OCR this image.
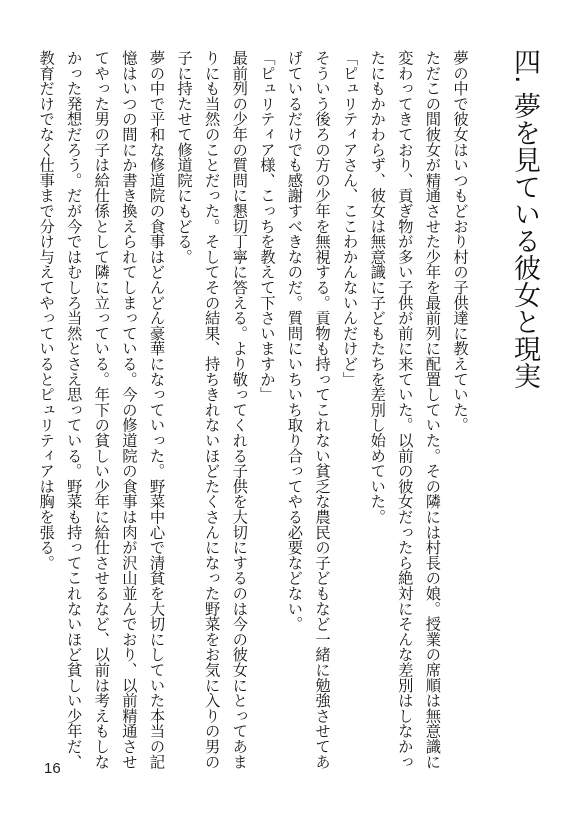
四. 夢を見ている彼女と現実

夢の中で彼女はいつもどおり村の子供達に教えていた。

ただこの間彼女が精通させた少年を最前列に配置していた。その隣には村長の娘。授業の席順は無意識に変わってきており、貢ぎ物が多い子供が前に来ていた。以前の彼女だったら絶対にそんな差別はしなかったにもかかわらず、彼女は無意識に子どもたちを差別し始めていた。

「ピュリティアさん、ここわかんないんだけど」

そういう後ろの方の少年を無視する。貢物も持ってこれない貧乏な農民の子どもなど一緒に勉強させてあげているだけでも感謝すべきなのだ。質問にいちいち取り合ってやる必要などない。

「ピュリティア様、こっちを教えて下さいますか」

最前列の少年の質問に懇切丁寧に答える。より敬ってくれる子供を大切にするのは今の彼女にとってあまりにも当然のことだった。そしてその結果、持ちきれないほどたくさんになった野菜をお気に入りの男の子に持たせて修道院にもどる。

夢の中で平和な修道院の食事はどんどん豪華になっていった。野菜中心で清貧を大切にしていた本当の記憶はいつの間にか書き換えられてしまっている。今の修道院の食事は肉が沢山並んでおり、以前精通させてやった男の子は給仕係として隣に立っている。年下の貧しい少年に給仕させるなど、以前は考えもしなかった発想だろう。だが今ではむしろ当然とさえ思っている。野菜も持ってこれないほど貧しい少年だ、教育だけでなく仕事まで分け与えてやっているとピュリティアは胸を張る。

16
